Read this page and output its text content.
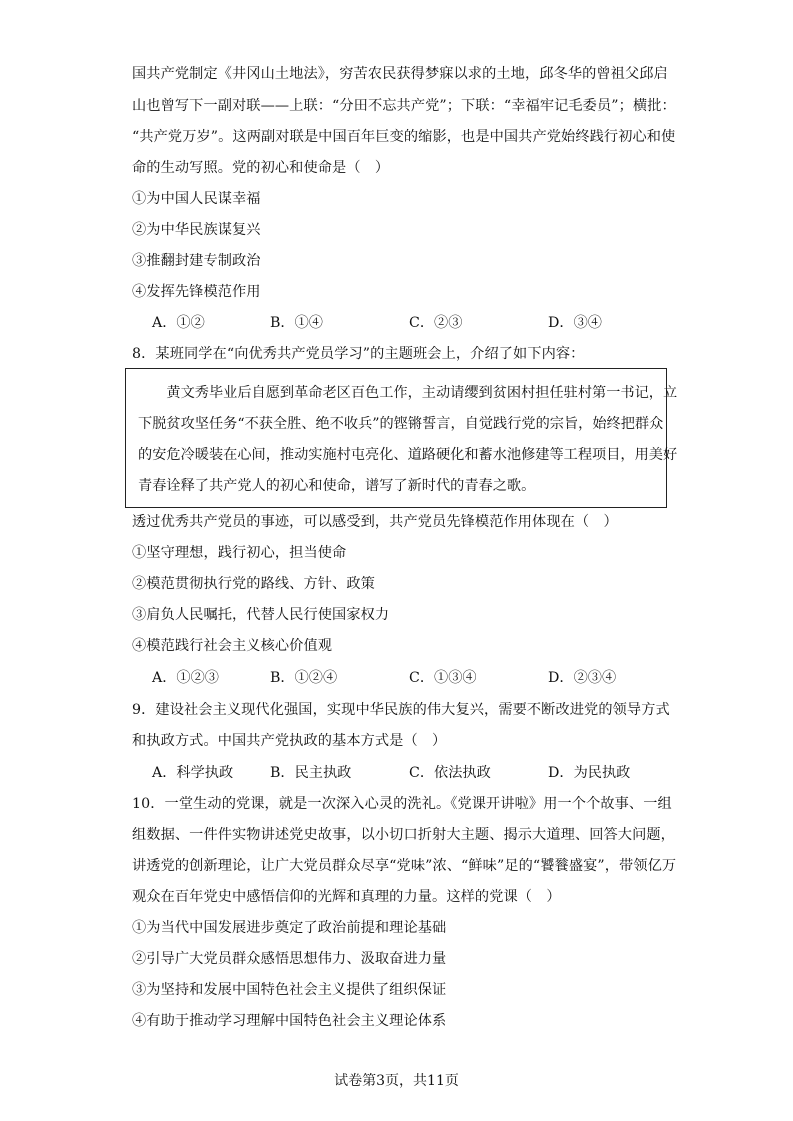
国共产党制定《井冈山土地法》，穷苦农民获得梦寐以求的土地，邱冬华的曾祖父邱启
山也曾写下一副对联——上联：“分田不忘共产党”；下联：“幸福牢记毛委员”；横批：
“共产党万岁”。这两副对联是中国百年巨变的缩影，也是中国共产党始终践行初心和使
命的生动写照。党的初心和使命是（　）
①为中国人民谋幸福
②为中华民族谋复兴
③推翻封建专制政治
④发挥先锋模范作用
A．①②	B．①④	C．②③	D．③④
8．某班同学在“向优秀共产党员学习”的主题班会上，介绍了如下内容：
　　黄文秀毕业后自愿到革命老区百色工作，主动请缨到贫困村担任驻村第一书记，立
下脱贫攻坚任务“不获全胜、绝不收兵”的铿锵誓言，自觉践行党的宗旨，始终把群众
的安危冷暖装在心间，推动实施村屯亮化、道路硬化和蓄水池修建等工程项目，用美好
青春诠释了共产党人的初心和使命，谱写了新时代的青春之歌。
透过优秀共产党员的事迹，可以感受到，共产党员先锋模范作用体现在（　）
①坚守理想，践行初心，担当使命
②模范贯彻执行党的路线、方针、政策
③肩负人民嘱托，代替人民行使国家权力
④模范践行社会主义核心价值观
A．①②③	B．①②④	C．①③④	D．②③④
9．建设社会主义现代化强国，实现中华民族的伟大复兴，需要不断改进党的领导方式
和执政方式。中国共产党执政的基本方式是（　）
A．科学执政	B．民主执政	C．依法执政	D．为民执政
10．一堂生动的党课，就是一次深入心灵的洗礼。《党课开讲啦》用一个个故事、一组
组数据、一件件实物讲述党史故事，以小切口折射大主题、揭示大道理、回答大问题，
讲透党的创新理论，让广大党员群众尽享“党味”浓、“鲜味”足的“饕餮盛宴”，带领亿万
观众在百年党史中感悟信仰的光辉和真理的力量。这样的党课（　）
①为当代中国发展进步奠定了政治前提和理论基础
②引导广大党员群众感悟思想伟力、汲取奋进力量
③为坚持和发展中国特色社会主义提供了组织保证
④有助于推动学习理解中国特色社会主义理论体系
试卷第3页，共11页
